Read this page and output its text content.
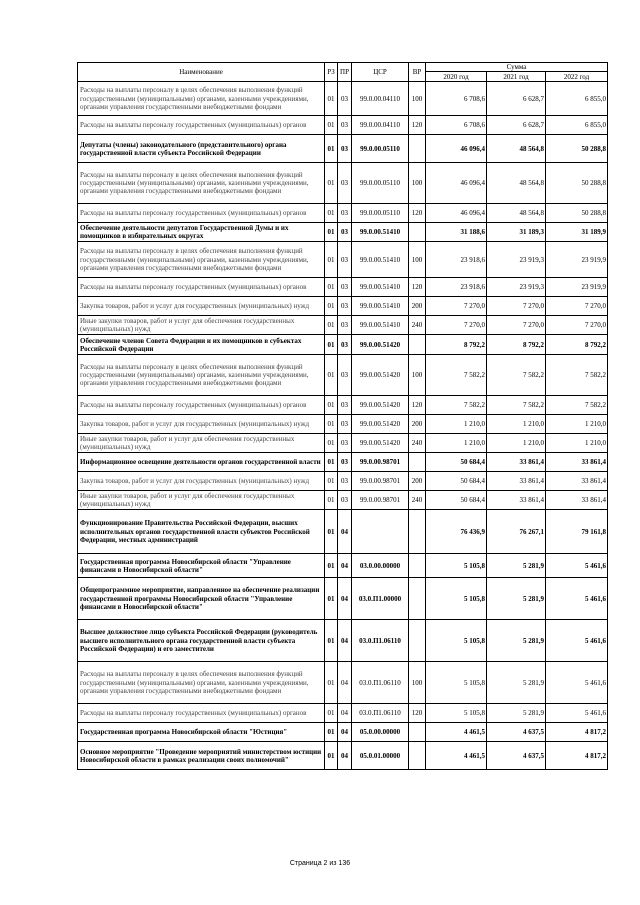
Наименование	РЗ	ПР	ЦСР	ВР	Сумма		
					2020 год	2021 год	2022 год
Расходы на выплаты персоналу в целях обеспечения выполнения функций государственными (муниципальными) органами, казенными учреждениями, органами управления государственными внебюджетными фондами	01	03	99.0.00.04110	100	6 708,6	6 628,7	6 855,0
Расходы на выплаты персоналу государственных (муниципальных) органов	01	03	99.0.00.04110	120	6 708,6	6 628,7	6 855,0
Депутаты (члены) законодательного (представительного) органа государственной власти субъекта Российской Федерации	01	03	99.0.00.05110		46 096,4	48 564,8	50 288,8
Расходы на выплаты персоналу в целях обеспечения выполнения функций государственными (муниципальными) органами, казенными учреждениями, органами управления государственными внебюджетными фондами	01	03	99.0.00.05110	100	46 096,4	48 564,8	50 288,8
Расходы на выплаты персоналу государственных (муниципальных) органов	01	03	99.0.00.05110	120	46 096,4	48 564,8	50 288,8
Обеспечение деятельности депутатов Государственной Думы и их помощников в избирательных округах	01	03	99.0.00.51410		31 188,6	31 189,3	31 189,9
Расходы на выплаты персоналу в целях обеспечения выполнения функций государственными (муниципальными) органами, казенными учреждениями, органами управления государственными внебюджетными фондами	01	03	99.0.00.51410	100	23 918,6	23 919,3	23 919,9
Расходы на выплаты персоналу государственных (муниципальных) органов	01	03	99.0.00.51410	120	23 918,6	23 919,3	23 919,9
Закупка товаров, работ и услуг для государственных (муниципальных) нужд	01	03	99.0.00.51410	200	7 270,0	7 270,0	7 270,0
Иные закупки товаров, работ и услуг для обеспечения государственных (муниципальных) нужд	01	03	99.0.00.51410	240	7 270,0	7 270,0	7 270,0
Обеспечение членов Совета Федерации и их помощников в субъектах Российской Федерации	01	03	99.0.00.51420		8 792,2	8 792,2	8 792,2
Расходы на выплаты персоналу в целях обеспечения выполнения функций государственными (муниципальными) органами, казенными учреждениями, органами управления государственными внебюджетными фондами	01	03	99.0.00.51420	100	7 582,2	7 582,2	7 582,2
Расходы на выплаты персоналу государственных (муниципальных) органов	01	03	99.0.00.51420	120	7 582,2	7 582,2	7 582,2
Закупка товаров, работ и услуг для государственных (муниципальных) нужд	01	03	99.0.00.51420	200	1 210,0	1 210,0	1 210,0
Иные закупки товаров, работ и услуг для обеспечения государственных (муниципальных) нужд	01	03	99.0.00.51420	240	1 210,0	1 210,0	1 210,0
Информационное освещение деятельности органов государственной власти	01	03	99.0.00.98701		50 684,4	33 861,4	33 861,4
Закупка товаров, работ и услуг для государственных (муниципальных) нужд	01	03	99.0.00.98701	200	50 684,4	33 861,4	33 861,4
Иные закупки товаров, работ и услуг для обеспечения государственных (муниципальных) нужд	01	03	99.0.00.98701	240	50 684,4	33 861,4	33 861,4
Функционирование Правительства Российской Федерации, высших исполнительных органов государственной власти субъектов Российской Федерации, местных администраций	01	04			76 436,9	76 267,1	79 161,8
Государственная программа Новосибирской области "Управление финансами в Новосибирской области"	01	04	03.0.00.00000		5 105,8	5 281,9	5 461,6
Общепрограммное мероприятие, направленное на обеспечение реализации государственной программы Новосибирской области "Управление финансами в Новосибирской области"	01	04	03.0.П1.00000		5 105,8	5 281,9	5 461,6
Высшее должностное лицо субъекта Российской Федерации (руководитель высшего исполнительного органа государственной власти субъекта Российской Федерации) и его заместители	01	04	03.0.П1.06110		5 105,8	5 281,9	5 461,6
Расходы на выплаты персоналу в целях обеспечения выполнения функций государственными (муниципальными) органами, казенными учреждениями, органами управления государственными внебюджетными фондами	01	04	03.0.П1.06110	100	5 105,8	5 281,9	5 461,6
Расходы на выплаты персоналу государственных (муниципальных) органов	01	04	03.0.П1.06110	120	5 105,8	5 281,9	5 461,6
Государственная программа Новосибирской области "Юстиция"	01	04	05.0.00.00000		4 461,5	4 637,5	4 817,2
Основное мероприятие "Проведение мероприятий министерством юстиции Новосибирской области в рамках реализации своих полномочий"	01	04	05.0.01.00000		4 461,5	4 637,5	4 817,2
Страница 2 из 136
